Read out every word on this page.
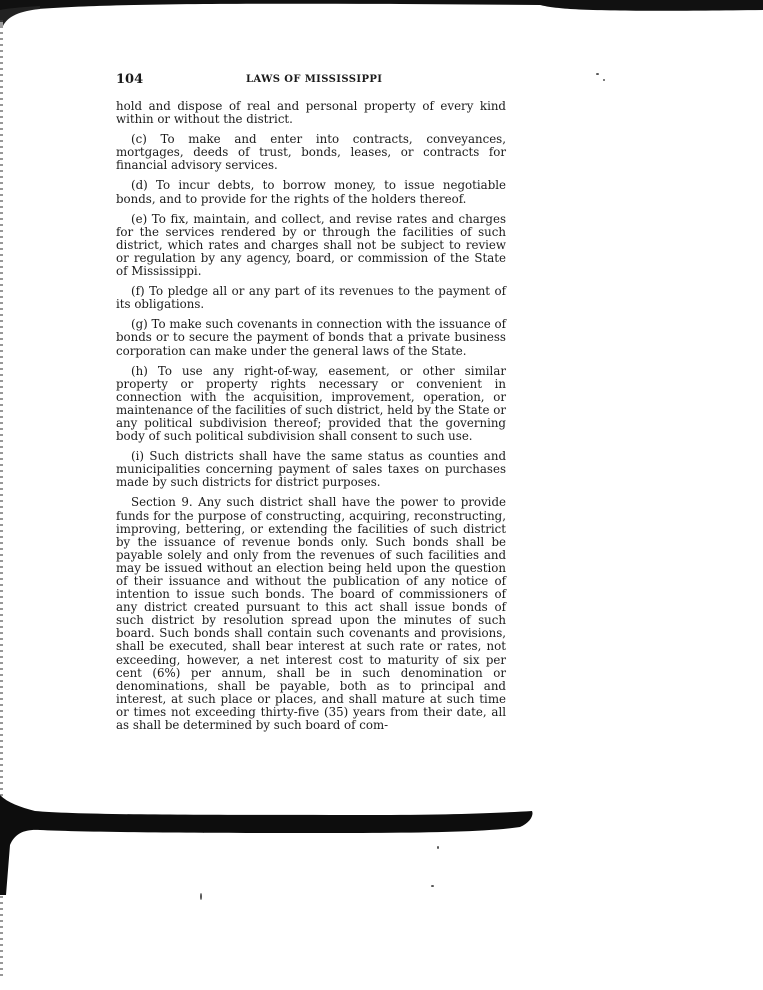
104	LAWS OF MISSISSIPPI

hold and dispose of real and personal property of every kind within or without the district.

(c) To make and enter into contracts, conveyances, mortgages, deeds of trust, bonds, leases, or contracts for financial advisory services.

(d) To incur debts, to borrow money, to issue negotiable bonds, and to provide for the rights of the holders thereof.

(e) To fix, maintain, and collect, and revise rates and charges for the services rendered by or through the facilities of such district, which rates and charges shall not be subject to review or regulation by any agency, board, or commission of the State of Mississippi.

(f) To pledge all or any part of its revenues to the payment of its obligations.

(g) To make such covenants in connection with the issuance of bonds or to secure the payment of bonds that a private business corporation can make under the general laws of the State.

(h) To use any right-of-way, easement, or other similar property or property rights necessary or convenient in connection with the acquisition, improvement, operation, or maintenance of the facilities of such district, held by the State or any political subdivision thereof; provided that the governing body of such political subdivision shall consent to such use.

(i) Such districts shall have the same status as counties and municipalities concerning payment of sales taxes on purchases made by such districts for district purposes.

Section 9. Any such district shall have the power to provide funds for the purpose of constructing, acquiring, reconstructing, improving, bettering, or extending the facilities of such district by the issuance of revenue bonds only. Such bonds shall be payable solely and only from the revenues of such facilities and may be issued without an election being held upon the question of their issuance and without the publication of any notice of intention to issue such bonds. The board of commissioners of any district created pursuant to this act shall issue bonds of such district by resolution spread upon the minutes of such board. Such bonds shall contain such covenants and provisions, shall be executed, shall bear interest at such rate or rates, not exceeding, however, a net interest cost to maturity of six per cent (6%) per annum, shall be in such denomination or denominations, shall be payable, both as to principal and interest, at such place or places, and shall mature at such time or times not exceeding thirty-five (35) years from their date, all as shall be determined by such board of com-
